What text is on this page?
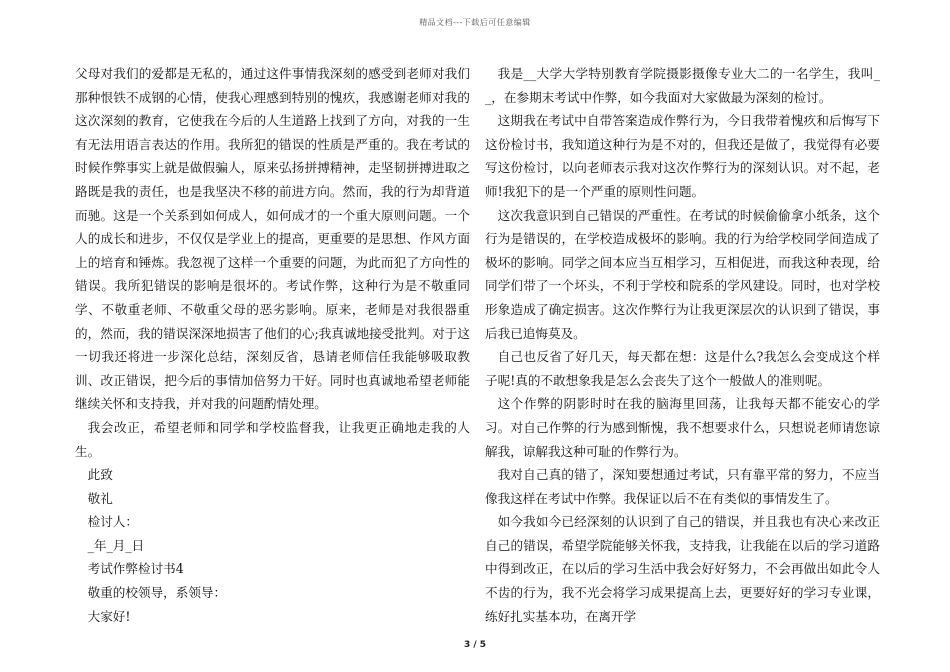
精品文档---下载后可任意编辑

父母对我们的爱都是无私的，通过这件事情我深刻的感受到老师对我们那种恨铁不成钢的心情，使我心理感到特别的愧疚，我感谢老师对我的这次深刻的教育，它使我在今后的人生道路上找到了方向，对我的一生有无法用语言表达的作用。我所犯的错误的性质是严重的。我在考试的时候作弊事实上就是做假骗人，原来弘扬拼搏精神，走坚韧拼搏进取之路既是我的责任，也是我坚决不移的前进方向。然而，我的行为却背道而驰。这是一个关系到如何成人，如何成才的一个重大原则问题。一个人的成长和进步，不仅仅是学业上的提高，更重要的是思想、作风方面上的培育和锤炼。我忽视了这样一个重要的问题，为此而犯了方向性的错误。我所犯错误的影响是很坏的。考试作弊，这种行为是不敬重同学、不敬重老师、不敬重父母的恶劣影响。原来，老师是对我很器重的，然而，我的错误深深地损害了他们的心;我真诚地接受批判。对于这一切我还将进一步深化总结，深刻反省，恳请老师信任我能够吸取教训、改正错误，把今后的事情加倍努力干好。同时也真诚地希望老师能继续关怀和支持我，并对我的问题酌情处理。

我会改正，希望老师和同学和学校监督我，让我更正确地走我的人生。

此致

敬礼

检讨人：

_年_月_日

考试作弊检讨书4

敬重的校领导，系领导：

大家好!

我是__大学大学特别教育学院摄影摄像专业大二的一名学生，我叫__，在参期末考试中作弊，如今我面对大家做最为深刻的检讨。

这期我在考试中自带答案造成作弊行为，今日我带着愧疚和后悔写下这份检讨书，我知道这种行为是不对的，但我还是做了，我觉得有必要写这份检讨，以向老师表示我对这次作弊行为的深刻认识。对不起，老师!我犯下的是一个严重的原则性问题。

这次我意识到自己错误的严重性。在考试的时候偷偷拿小纸条，这个行为是错误的，在学校造成极坏的影响。我的行为给学校同学间造成了极坏的影响。同学之间本应当互相学习，互相促进，而我这种表现，给同学们带了一个坏头，不利于学校和院系的学风建设。同时，也对学校形象造成了确定损害。这次作弊行为让我更深层次的认识到了错误，事后我已追悔莫及。

自己也反省了好几天，每天都在想：这是什么?我怎么会变成这个样子呢!真的不敢想象我是怎么会丧失了这个一般做人的准则呢。

这个作弊的阴影时时在我的脑海里回荡，让我每天都不能安心的学习。对自己作弊的行为感到惭愧，我不想要求什么，只想说老师请您谅解我，谅解我这种可耻的作弊行为。

我对自己真的错了，深知要想通过考试，只有靠平常的努力，不应当像我这样在考试中作弊。我保证以后不在有类似的事情发生了。

如今我如今已经深刻的认识到了自己的错误，并且我也有决心来改正自己的错误，希望学院能够关怀我，支持我，让我能在以后的学习道路中得到改正，在以后的学习生活中我会好好努力，不会再做出如此令人不齿的行为，我不光会将学习成果提高上去，更要好好的学习专业课，练好扎实基本功，在离开学

3 / 5
